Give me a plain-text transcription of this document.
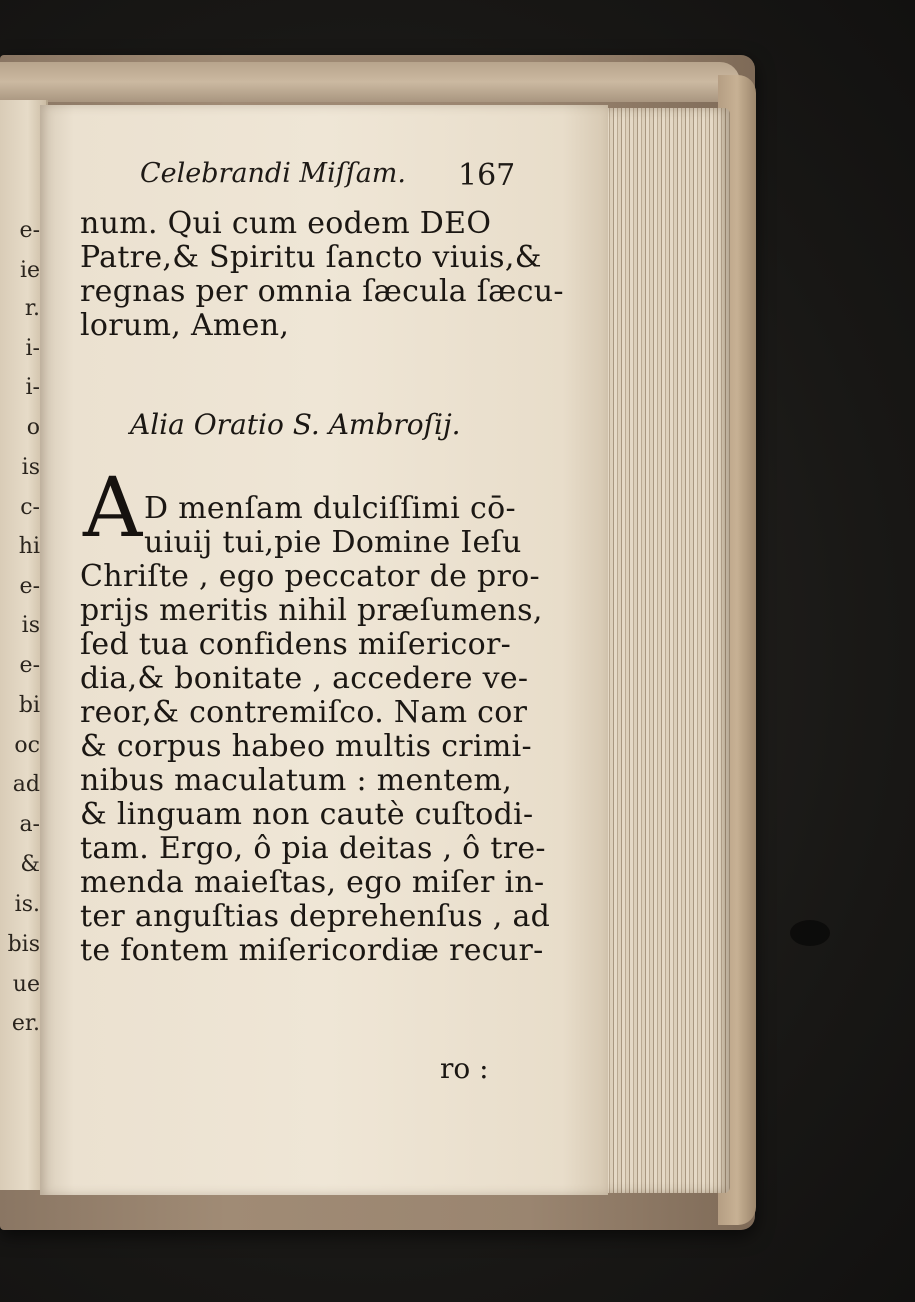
e-
ie
r.
i-
i-
o
is
c-
hi
e-
is
e-
bi
oc
ad
a-
&
is.
bis
ue
er.
Celebrandi Miſſam. 167
num. Qui cum eodem DEO
Patre,& Spiritu ſancto viuis,&
regnas per omnia ſæcula ſæcu-
lorum, Amen,
Alia Oratio S. Ambroſij.
A D menſam dulciſſimi cō-
uiuij tui,pie Domine Ieſu
Chriſte , ego peccator de pro-
prijs meritis nihil præſumens,
ſed tua confidens miſericor-
dia,& bonitate , accedere ve-
reor,& contremiſco. Nam cor
& corpus habeo multis crimi-
nibus maculatum : mentem,
& linguam non cautè cuſtodi-
tam. Ergo, ô pia deitas , ô tre-
menda maieſtas, ego miſer in-
ter anguſtias deprehenſus , ad
te fontem miſericordiæ recur-
ro :
